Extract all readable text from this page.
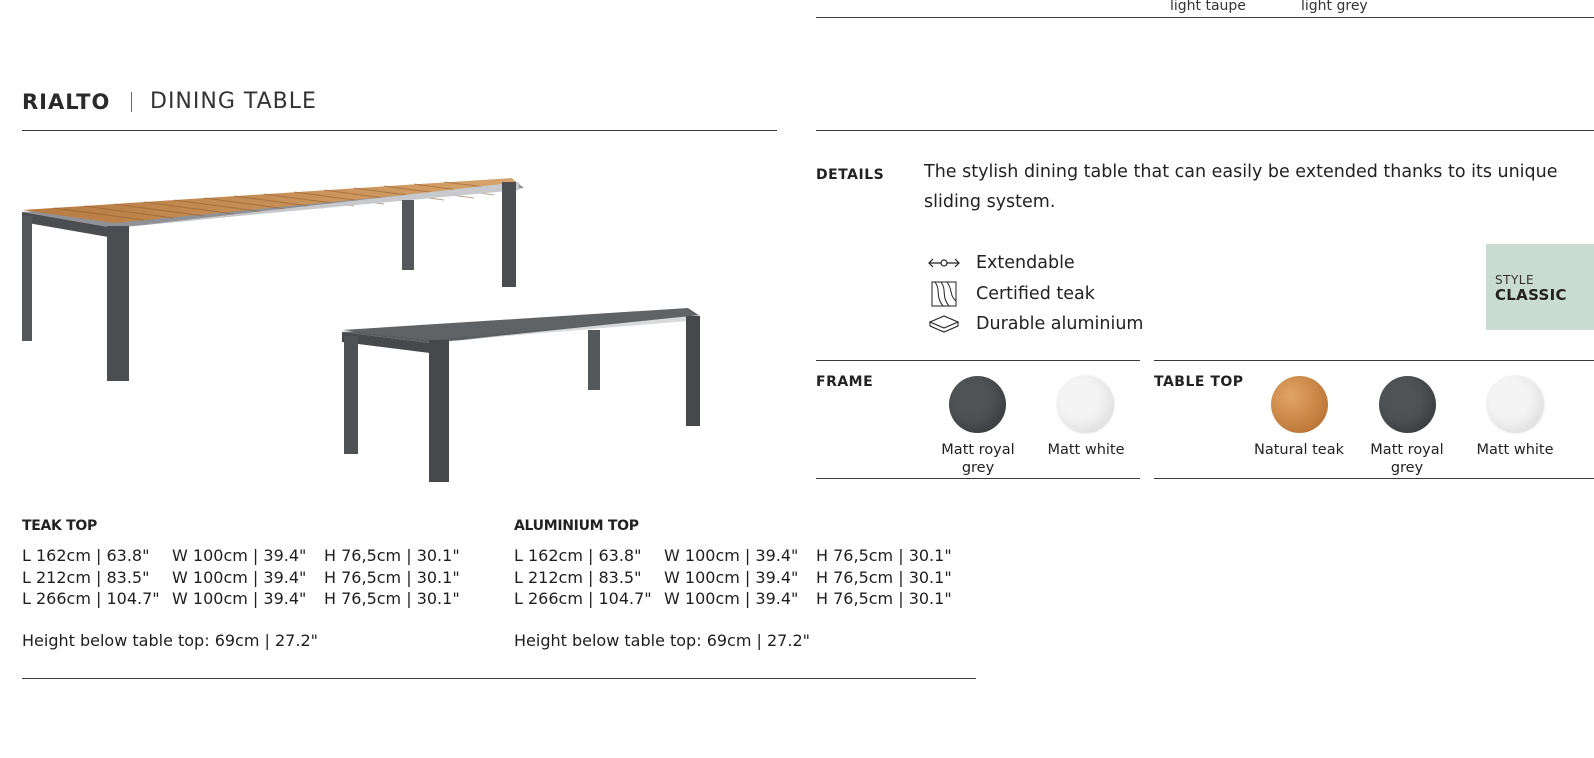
light taupe	light grey
RIALTO DINING TABLE
TEAK TOP
L 162cm | 63.8"	W 100cm | 39.4"	H 76,5cm | 30.1"
L 212cm | 83.5"	W 100cm | 39.4"	H 76,5cm | 30.1"
L 266cm | 104.7" W 100cm | 39.4"	H 76,5cm | 30.1"
Height below table top: 69cm | 27.2"
ALUMINIUM TOP
L 162cm | 63.8"	W 100cm | 39.4"	H 76,5cm | 30.1"
L 212cm | 83.5"	W 100cm | 39.4"	H 76,5cm | 30.1"
L 266cm | 104.7" W 100cm | 39.4"	H 76,5cm | 30.1"
Height below table top: 69cm | 27.2"
DETAILS The stylish dining table that can easily be extended thanks to its unique sliding system.
Extendable
Certified teak
Durable aluminium
STYLE
CLASSIC
FRAME
Matt royal grey
Matt white
TABLE TOP
Natural teak	Matt royal grey
Matt white
